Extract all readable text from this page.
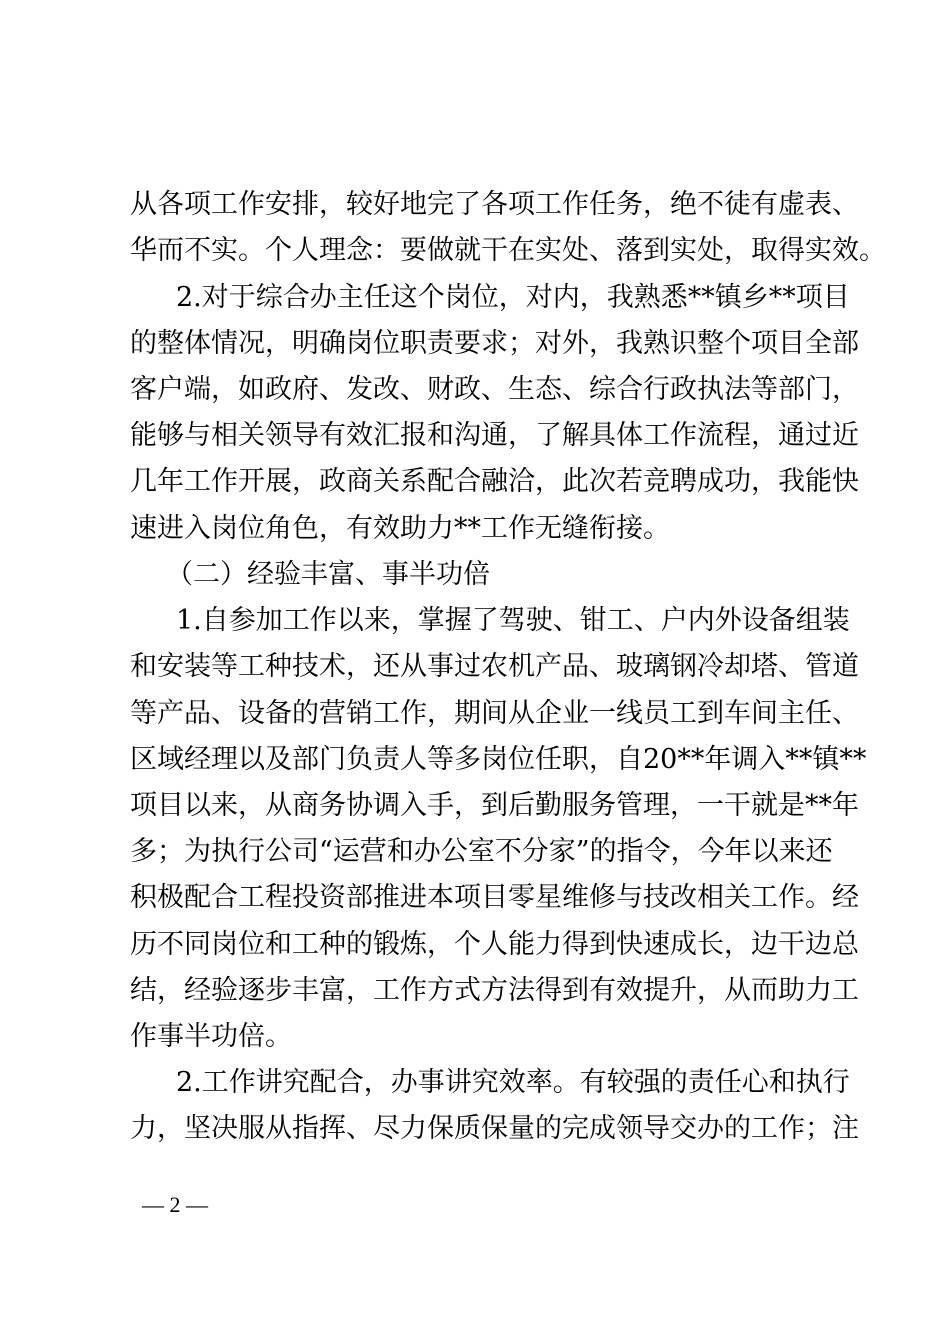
从各项工作安排，较好地完了各项工作任务，绝不徒有虚表、
华而不实。个人理念：要做就干在实处、落到实处，取得实效。
2.对于综合办主任这个岗位，对内，我熟悉**镇乡**项目
的整体情况，明确岗位职责要求；对外，我熟识整个项目全部
客户端，如政府、发改、财政、生态、综合行政执法等部门，
能够与相关领导有效汇报和沟通，了解具体工作流程，通过近
几年工作开展，政商关系配合融洽，此次若竞聘成功，我能快
速进入岗位角色，有效助力**工作无缝衔接。
（二）经验丰富、事半功倍
1.自参加工作以来，掌握了驾驶、钳工、户内外设备组装
和安装等工种技术，还从事过农机产品、玻璃钢冷却塔、管道
等产品、设备的营销工作，期间从企业一线员工到车间主任、
区域经理以及部门负责人等多岗位任职，自20**年调入**镇**
项目以来，从商务协调入手，到后勤服务管理，一干就是**年
多；为执行公司“运营和办公室不分家”的指令，今年以来还
积极配合工程投资部推进本项目零星维修与技改相关工作。经
历不同岗位和工种的锻炼，个人能力得到快速成长，边干边总
结，经验逐步丰富，工作方式方法得到有效提升，从而助力工
作事半功倍。
2.工作讲究配合，办事讲究效率。有较强的责任心和执行
力，坚决服从指挥、尽力保质保量的完成领导交办的工作；注
— 2 —
